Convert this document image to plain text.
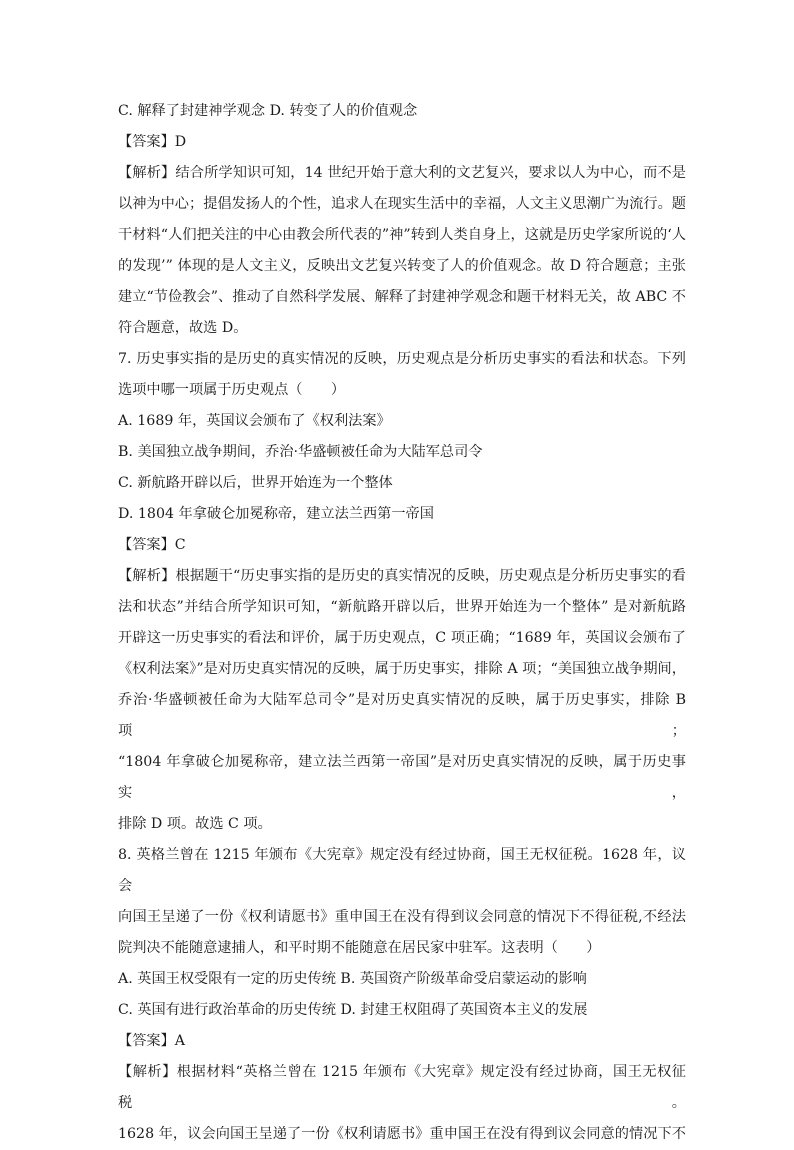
C. 解释了封建神学观念 D. 转变了人的价值观念

【答案】D

【解析】结合所学知识可知，14 世纪开始于意大利的文艺复兴，要求以人为中心，而不是

以神为中心；提倡发扬人的个性，追求人在现实生活中的幸福，人文主义思潮广为流行。题

干材料“人们把关注的中心由教会所代表的”神”转到人类自身上，这就是历史学家所说的‘人

的发现’” 体现的是人文主义，反映出文艺复兴转变了人的价值观念。故 D 符合题意；主张

建立“节俭教会”、推动了自然科学发展、解释了封建神学观念和题干材料无关，故 ABC 不

符合题意，故选 D。

7. 历史事实指的是历史的真实情况的反映，历史观点是分析历史事实的看法和状态。下列

选项中哪一项属于历史观点（　　）

A. 1689 年，英国议会颁布了《权利法案》

B. 美国独立战争期间，乔治·华盛顿被任命为大陆军总司令

C. 新航路开辟以后，世界开始连为一个整体

D. 1804 年拿破仑加冕称帝，建立法兰西第一帝国

【答案】C

【解析】根据题干“历史事实指的是历史的真实情况的反映，历史观点是分析历史事实的看

法和状态”并结合所学知识可知，“新航路开辟以后，世界开始连为一个整体” 是对新航路

开辟这一历史事实的看法和评价，属于历史观点，C 项正确；“1689 年，英国议会颁布了

《权利法案》”是对历史真实情况的反映，属于历史事实，排除 A 项；“美国独立战争期间，

乔治·华盛顿被任命为大陆军总司令”是对历史真实情况的反映，属于历史事实，排除 B 项；

“1804 年拿破仑加冕称帝，建立法兰西第一帝国”是对历史真实情况的反映，属于历史事实，

排除 D 项。故选 C 项。

8. 英格兰曾在 1215 年颁布《大宪章》规定没有经过协商，国王无权征税。1628 年，议会

向国王呈递了一份《权利请愿书》重申国王在没有得到议会同意的情况下不得征税,不经法

院判决不能随意逮捕人，和平时期不能随意在居民家中驻军。这表明（　　）

A. 英国王权受限有一定的历史传统 B. 英国资产阶级革命受启蒙运动的影响

C. 英国有进行政治革命的历史传统 D. 封建王权阻碍了英国资本主义的发展

【答案】A

【解析】根据材料“英格兰曾在 1215 年颁布《大宪章》规定没有经过协商，国王无权征税。

1628 年，议会向国王呈递了一份《权利请愿书》重申国王在没有得到议会同意的情况下不
